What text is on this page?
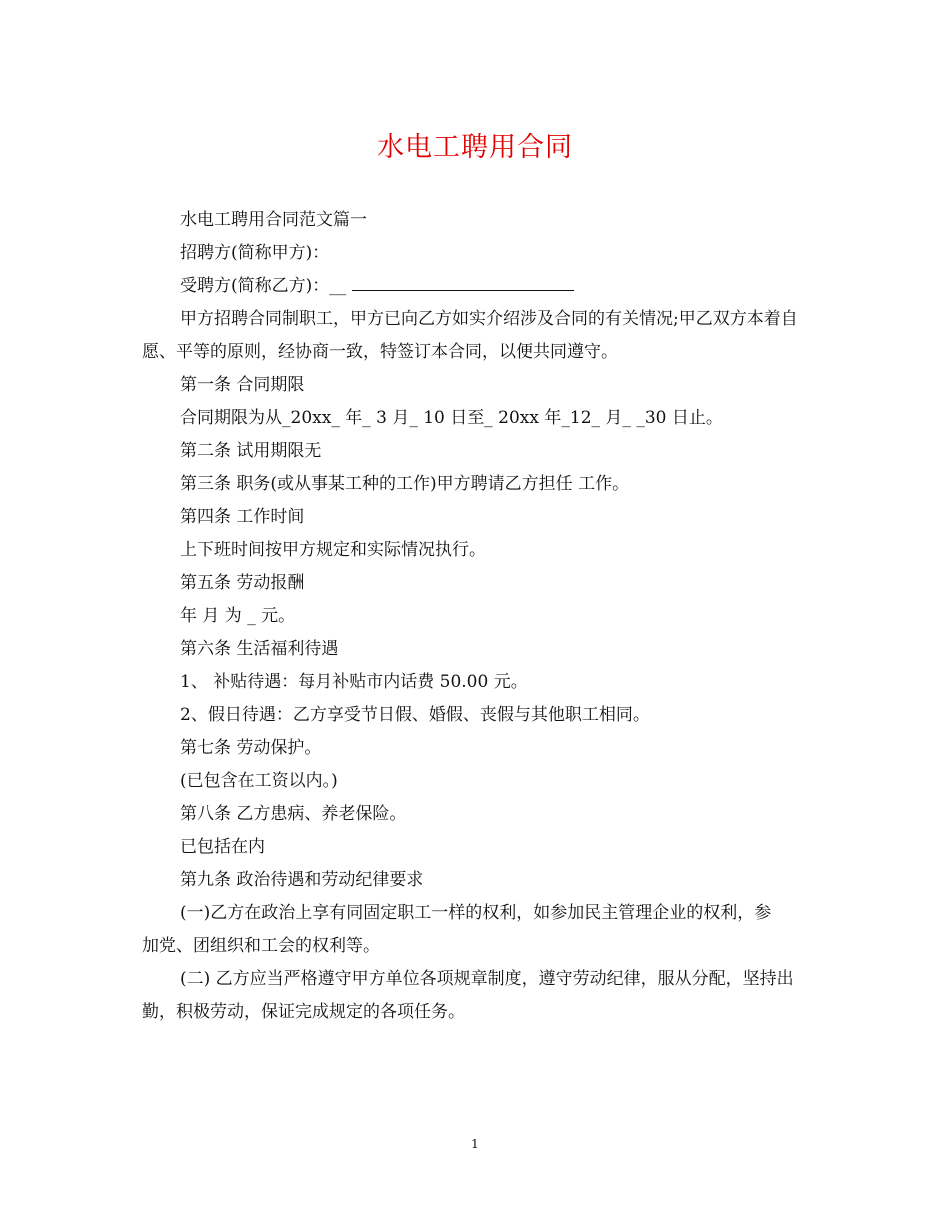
水电工聘用合同

水电工聘用合同范文篇一

招聘方(简称甲方)：

受聘方(简称乙方)：__

甲方招聘合同制职工，甲方已向乙方如实介绍涉及合同的有关情况;甲乙双方本着自愿、平等的原则，经协商一致，特签订本合同，以便共同遵守。

第一条 合同期限

合同期限为从_20xx_ 年_ 3 月_ 10 日至_ 20xx 年_12_ 月_ _30 日止。

第二条 试用期限无

第三条 职务(或从事某工种的工作)甲方聘请乙方担任 工作。

第四条 工作时间

上下班时间按甲方规定和实际情况执行。

第五条 劳动报酬

年 月 为 _ 元。

第六条 生活福利待遇

1、 补贴待遇：每月补贴市内话费 50.00 元。

2、假日待遇：乙方享受节日假、婚假、丧假与其他职工相同。

第七条 劳动保护。

(已包含在工资以内。)

第八条 乙方患病、养老保险。

已包括在内

第九条 政治待遇和劳动纪律要求

(一)乙方在政治上享有同固定职工一样的权利，如参加民主管理企业的权利，参加党、团组织和工会的权利等。

(二) 乙方应当严格遵守甲方单位各项规章制度，遵守劳动纪律，服从分配，坚持出勤，积极劳动，保证完成规定的各项任务。

1
